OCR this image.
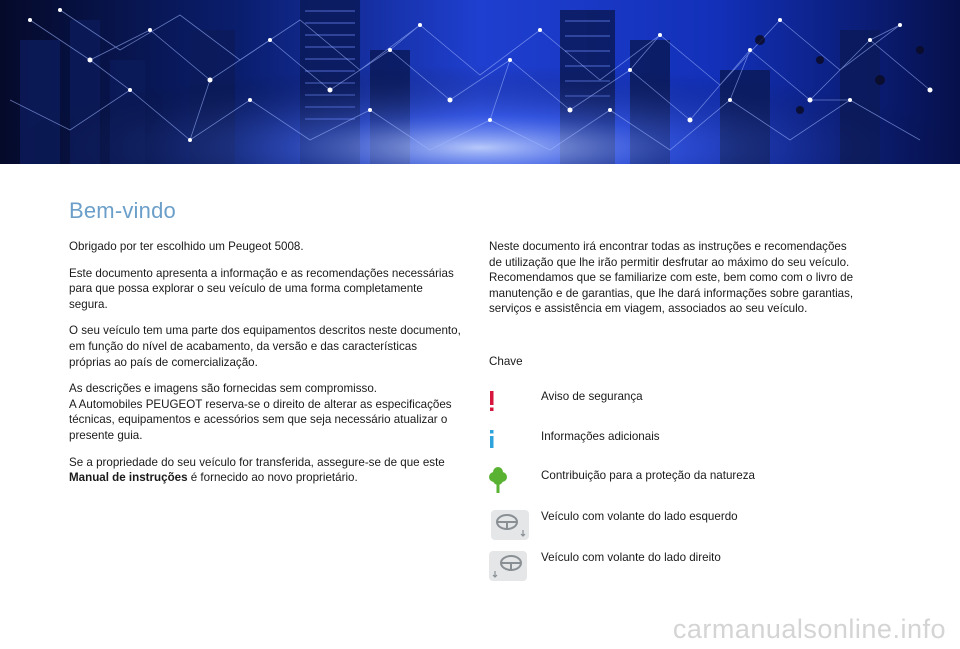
Bem-vindo

Obrigado por ter escolhido um Peugeot 5008.

Este documento apresenta a informação e as recomendações necessárias para que possa explorar o seu veículo de uma forma completamente segura.

O seu veículo tem uma parte dos equipamentos descritos neste documento, em função do nível de acabamento, da versão e das características próprias ao país de comercialização.

As descrições e imagens são fornecidas sem compromisso.

A Automobiles PEUGEOT reserva-se o direito de alterar as especificações técnicas, equipamentos e acessórios sem que seja necessário atualizar o presente guia.

Se a propriedade do seu veículo for transferida, assegure-se de que este Manual de instruções é fornecido ao novo proprietário.

Neste documento irá encontrar todas as instruções e recomendações de utilização que lhe irão permitir desfrutar ao máximo do seu veículo. Recomendamos que se familiarize com este, bem como com o livro de manutenção e de garantias, que lhe dará informações sobre garantias, serviços e assistência em viagem, associados ao seu veículo.

Chave
Aviso de segurança
Informações adicionais
Contribuição para a proteção da natureza
Veículo com volante do lado esquerdo
Veículo com volante do lado direito
carmanualsonline.info
